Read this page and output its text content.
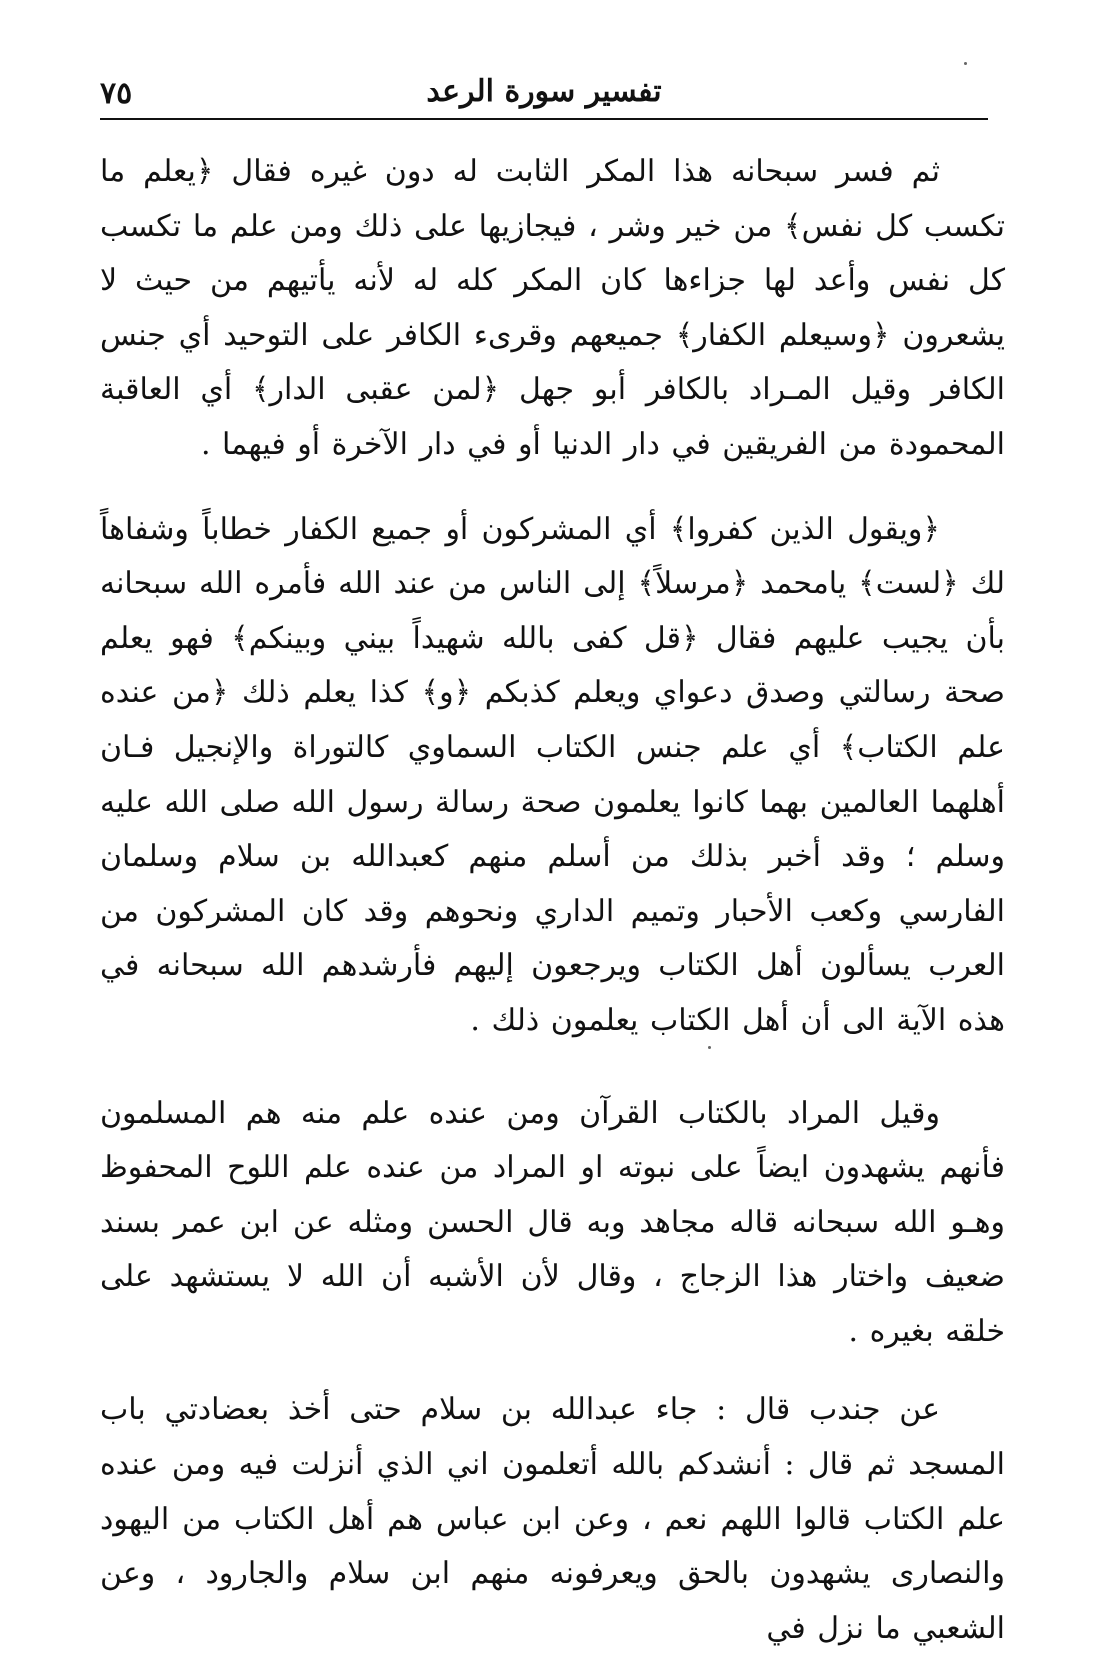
٧٥	تفسير سورة الرعد

ثم فسر سبحانه هذا المكر الثابت له دون غيره فقال ﴿يعلم ما تكسب كل نفس﴾ من خير وشر ، فيجازيها على ذلك ومن علم ما تكسب كل نفس وأعد لها جزاءها كان المكر كله له لأنه يأتيهم من حيث لا يشعرون ﴿وسيعلم الكفار﴾ جميعهم وقرىء الكافر على التوحيد أي جنس الكافر وقيل المـراد بالكافر أبو جهل ﴿لمن عقبى الدار﴾ أي العاقبة المحمودة من الفريقين في دار الدنيا أو في دار الآخرة أو فيهما .

﴿ويقول الذين كفروا﴾ أي المشركون أو جميع الكفار خطاباً وشفاهاً لك ﴿لست﴾ يامحمد ﴿مرسلاً﴾ إلى الناس من عند الله فأمره الله سبحانه بأن يجيب عليهم فقال ﴿قل كفى بالله شهيداً بيني وبينكم﴾ فهو يعلم صحة رسالتي وصدق دعواي ويعلم كذبكم ﴿و﴾ كذا يعلم ذلك ﴿من عنده علم الكتاب﴾ أي علم جنس الكتاب السماوي كالتوراة والإنجيل فـان أهلهما العالمين بهما كانوا يعلمون صحة رسالة رسول الله صلى الله عليه وسلم ؛ وقد أخبر بذلك من أسلم منهم كعبدالله بن سلام وسلمان الفارسي وكعب الأحبار وتميم الداري ونحوهم وقد كان المشركون من العرب يسألون أهل الكتاب ويرجعون إليهم فأرشدهم الله سبحانه في هذه الآية الى أن أهل الكتاب يعلمون ذلك .

وقيل المراد بالكتاب القرآن ومن عنده علم منه هم المسلمون فأنهم يشهدون ايضاً على نبوته او المراد من عنده علم اللوح المحفوظ وهـو الله سبحانه قاله مجاهد وبه قال الحسن ومثله عن ابن عمر بسند ضعيف واختار هذا الزجاج ، وقال لأن الأشبه أن الله لا يستشهد على خلقه بغيره .

عن جندب قال : جاء عبدالله بن سلام حتى أخذ بعضادتي باب المسجد ثم قال : أنشدكم بالله أتعلمون اني الذي أنزلت فيه ومن عنده علم الكتاب قالوا اللهم نعم ، وعن ابن عباس هم أهل الكتاب من اليهود والنصارى يشهدون بالحق ويعرفونه منهم ابن سلام والجارود ، وعن الشعبي ما نزل في
